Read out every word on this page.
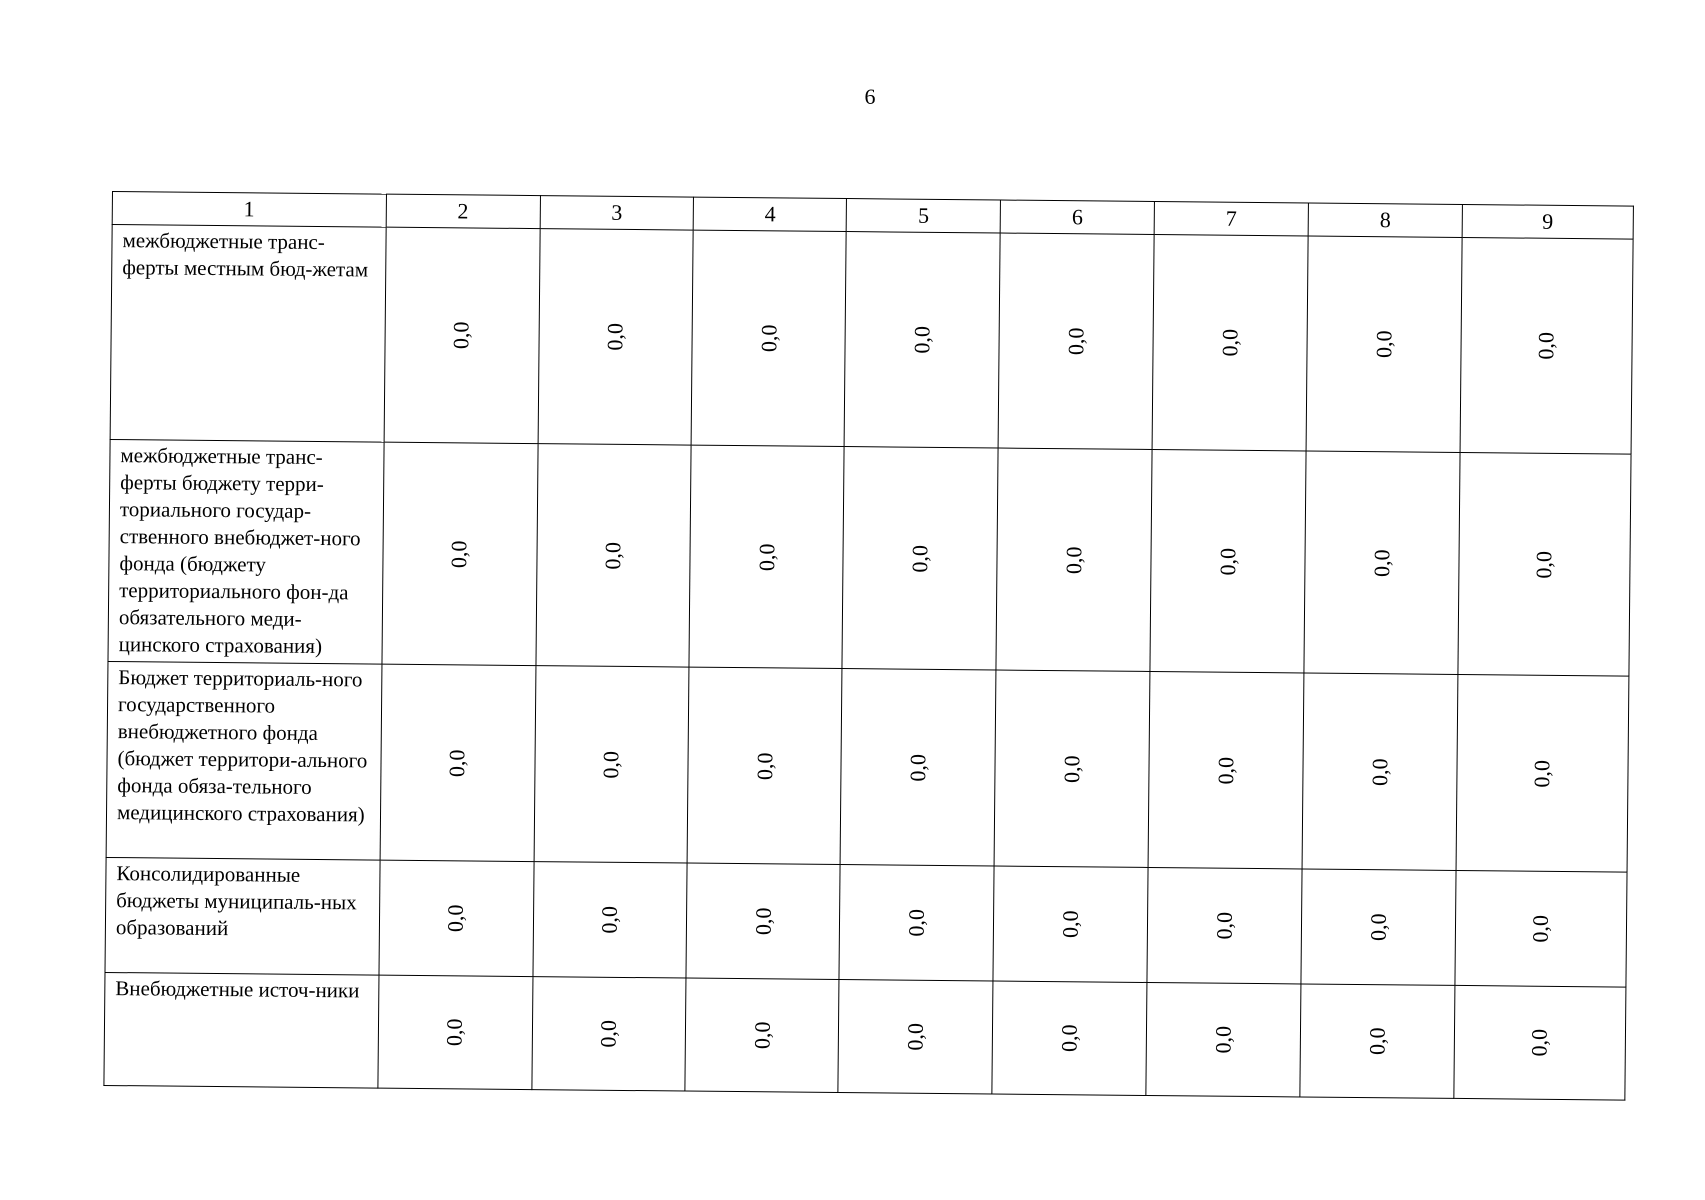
6
1	2	3	4	5	6	7	8	9
межбюджетные транс-ферты местным бюд-жетам	0,0	0,0	0,0	0,0	0,0	0,0	0,0	0,0
межбюджетные транс-ферты бюджету терри-ториального государ-ственного внебюджет-ного фонда (бюджету территориального фон-да обязательного меди-цинского страхования)	0,0	0,0	0,0	0,0	0,0	0,0	0,0	0,0
Бюджет территориаль-ного государственного внебюджетного фонда (бюджет территори-ального фонда обяза-тельного медицинского страхования)	0,0	0,0	0,0	0,0	0,0	0,0	0,0	0,0
Консолидированные бюджеты муниципаль-ных образований	0,0	0,0	0,0	0,0	0,0	0,0	0,0	0,0
Внебюджетные источ-ники	0,0	0,0	0,0	0,0	0,0	0,0	0,0	0,0
